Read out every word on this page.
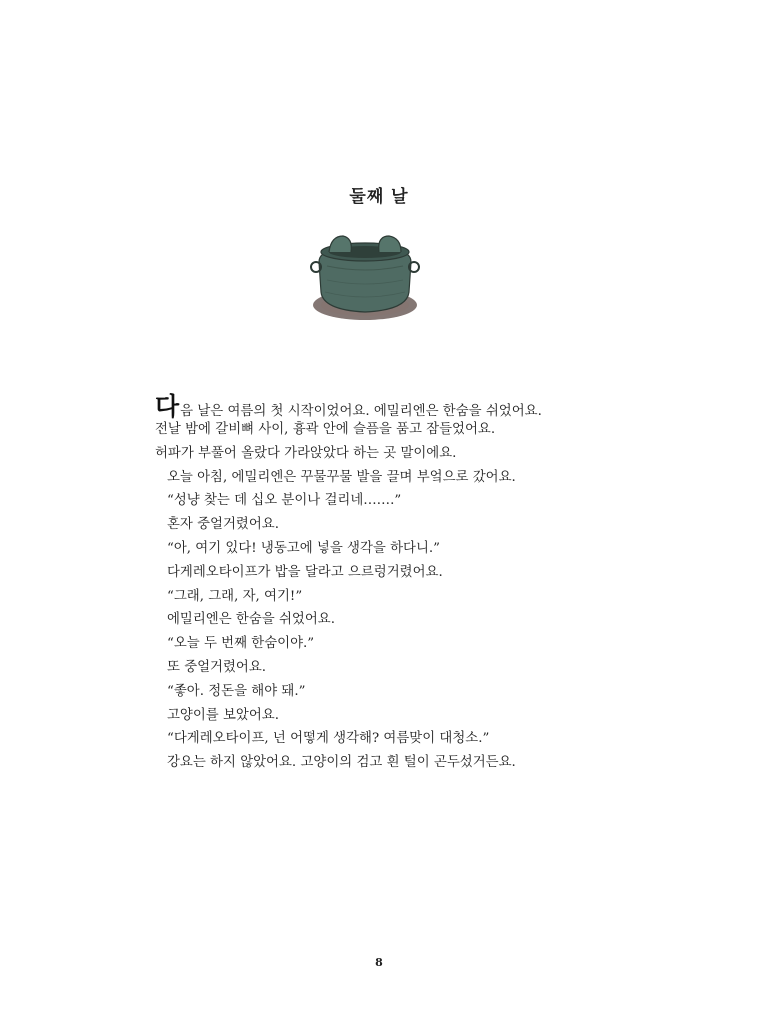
둘째 날
다음 날은 여름의 첫 시작이었어요. 에밀리엔은 한숨을 쉬었어요.
전날 밤에 갈비뼈 사이, 흉곽 안에 슬픔을 품고 잠들었어요.
허파가 부풀어 올랐다 가라앉았다 하는 곳 말이에요.
오늘 아침, 에밀리엔은 꾸물꾸물 발을 끌며 부엌으로 갔어요.
“성냥 찾는 데 십오 분이나 걸리네…….”
혼자 중얼거렸어요.
“아, 여기 있다! 냉동고에 넣을 생각을 하다니.”
다게레오타이프가 밥을 달라고 으르렁거렸어요.
“그래, 그래, 자, 여기!”
에밀리엔은 한숨을 쉬었어요.
“오늘 두 번째 한숨이야.”
또 중얼거렸어요.
“좋아. 정돈을 해야 돼.”
고양이를 보았어요.
“다게레오타이프, 넌 어떻게 생각해? 여름맞이 대청소.”
강요는 하지 않았어요. 고양이의 검고 흰 털이 곤두섰거든요.
8
